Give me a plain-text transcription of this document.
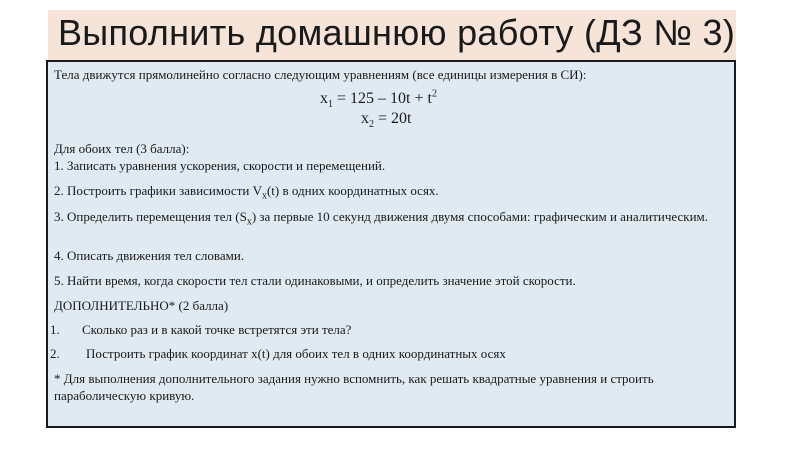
Выполнить домашнюю работу (ДЗ № 3)
Тела движутся прямолинейно согласно следующим уравнениям (все единицы измерения в СИ):
$x_1 = 125 - 10t + t^2$
$x_2 = 20t$
Для обоих тел (3 балла):
1. Записать уравнения ускорения, скорости и перемещений.
2. Построить графики зависимости $V_x(t)$ в одних координатных осях.
3. Определить перемещения тел $(S_x)$ за первые 10 секунд движения двумя способами: графическим и аналитическим.
4. Описать движения тел словами.
5. Найти время, когда скорости тел стали одинаковыми, и определить значение этой скорости.
ДОПОЛНИТЕЛЬНО* (2 балла)
1. Сколько раз и в какой точке встретятся эти тела?
2. Построить график координат x(t) для обоих тел в одних координатных осях
* Для выполнения дополнительного задания нужно вспомнить, как решать квадратные уравнения и строить параболическую кривую.
